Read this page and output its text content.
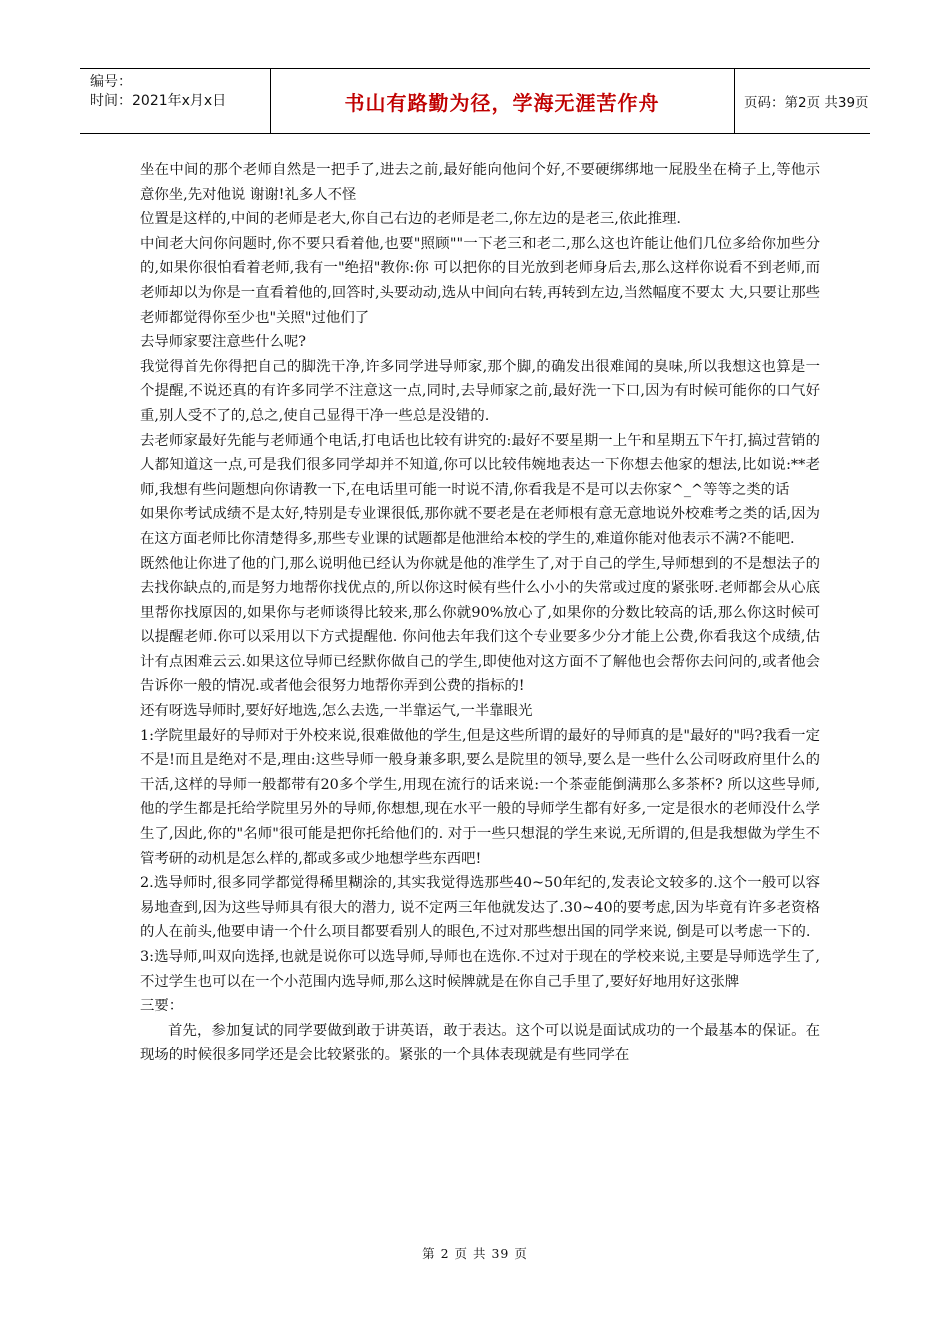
编号：
时间：2021年x月x日	书山有路勤为径，学海无涯苦作舟	页码：第2页 共39页

坐在中间的那个老师自然是一把手了,进去之前,最好能向他问个好,不要硬绑绑地一屁股坐在椅子上,等他示意你坐,先对他说 谢谢!礼多人不怪

位置是这样的,中间的老师是老大,你自己右边的老师是老二,你左边的是老三,依此推理.

中间老大问你问题时,你不要只看着他,也要"照顾""一下老三和老二,那么这也许能让他们几位多给你加些分的,如果你很怕看着老师,我有一"绝招"教你:你 可以把你的目光放到老师身后去,那么这样你说看不到老师,而老师却以为你是一直看着他的,回答时,头要动动,选从中间向右转,再转到左边,当然幅度不要太 大,只要让那些老师都觉得你至少也"关照"过他们了

去导师家要注意些什么呢?

我觉得首先你得把自己的脚洗干净,许多同学进导师家,那个脚,的确发出很难闻的臭味,所以我想这也算是一个提醒,不说还真的有许多同学不注意这一点,同时,去导师家之前,最好洗一下口,因为有时候可能你的口气好重,别人受不了的,总之,使自己显得干净一些总是没错的.

去老师家最好先能与老师通个电话,打电话也比较有讲究的:最好不要星期一上午和星期五下午打,搞过营销的人都知道这一点,可是我们很多同学却并不知道,你可以比较伟婉地表达一下你想去他家的想法,比如说:**老师,我想有些问题想向你请教一下,在电话里可能一时说不清,你看我是不是可以去你家^_^等等之类的话

如果你考试成绩不是太好,特别是专业课很低,那你就不要老是在老师根有意无意地说外校难考之类的话,因为在这方面老师比你清楚得多,那些专业课的试题都是他泄给本校的学生的,难道你能对他表示不满?不能吧.

既然他让你进了他的门,那么说明他已经认为你就是他的准学生了,对于自己的学生,导师想到的不是想法子的去找你缺点的,而是努力地帮你找优点的,所以你这时候有些什么小小的失常或过度的紧张呀.老师都会从心底里帮你找原因的,如果你与老师谈得比较来,那么你就90%放心了,如果你的分数比较高的话,那么你这时候可以提醒老师.你可以采用以下方式提醒他. 你问他去年我们这个专业要多少分才能上公费,你看我这个成绩,估计有点困难云云.如果这位导师已经默你做自己的学生,即使他对这方面不了解他也会帮你去问问的,或者他会告诉你一般的情况.或者他会很努力地帮你弄到公费的指标的!

还有呀选导师时,要好好地选,怎么去选,一半靠运气,一半靠眼光

1:学院里最好的导师对于外校来说,很难做他的学生,但是这些所谓的最好的导师真的是"最好的"吗?我看一定不是!而且是绝对不是,理由:这些导师一般身兼多职,要么是院里的领导,要么是一些什么公司呀政府里什么的干活,这样的导师一般都带有20多个学生,用现在流行的话来说:一个茶壶能倒满那么多茶杯? 所以这些导师,他的学生都是托给学院里另外的导师,你想想,现在水平一般的导师学生都有好多,一定是很水的老师没什么学生了,因此,你的"名师"很可能是把你托给他们的. 对于一些只想混的学生来说,无所谓的,但是我想做为学生不管考研的动机是怎么样的,都或多或少地想学些东西吧!

2.选导师时,很多同学都觉得稀里糊涂的,其实我觉得选那些40~50年纪的,发表论文较多的.这个一般可以容易地查到,因为这些导师具有很大的潜力, 说不定两三年他就发达了.30~40的要考虑,因为毕竟有许多老资格的人在前头,他要申请一个什么项目都要看别人的眼色,不过对那些想出国的同学来说, 倒是可以考虑一下的.

3:选导师,叫双向选择,也就是说你可以选导师,导师也在选你.不过对于现在的学校来说,主要是导师选学生了,不过学生也可以在一个小范围内选导师,那么这时候牌就是在你自己手里了,要好好地用好这张牌

三要：

首先，参加复试的同学要做到敢于讲英语，敢于表达。这个可以说是面试成功的一个最基本的保证。在现场的时候很多同学还是会比较紧张的。紧张的一个具体表现就是有些同学在

第 2 页 共 39 页
